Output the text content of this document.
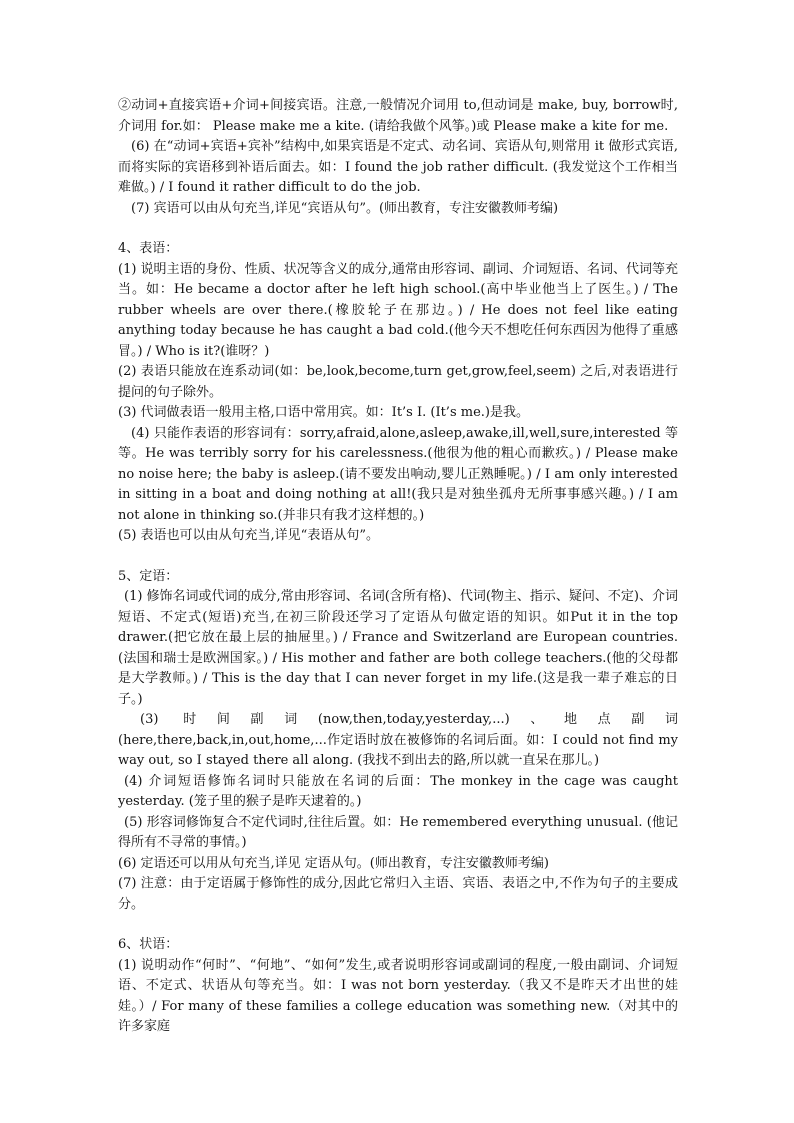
②动词+直接宾语+介词+间接宾语。注意,一般情况介词用 to,但动词是 make, buy, borrow时,介词用 for.如： Please make me a kite. (请给我做个风筝。)或 Please make a kite for me.

(6) 在“动词+宾语+宾补”结构中,如果宾语是不定式、动名词、宾语从句,则常用 it 做形式宾语,而将实际的宾语移到补语后面去。如：I found the job rather difficult. (我发觉这个工作相当难做。) / I found it rather difficult to do the job.

(7) 宾语可以由从句充当,详见“宾语从句”。(师出教育，专注安徽教师考编)

4、表语：

(1) 说明主语的身份、性质、状况等含义的成分,通常由形容词、副词、介词短语、名词、代词等充当。如：He became a doctor after he left high school.(高中毕业他当上了医生。) / The rubber wheels are over there.(橡胶轮子在那边。) / He does not feel like eating anything today because he has caught a bad cold.(他今天不想吃任何东西因为他得了重感冒。) / Who is it?(谁呀？)

(2) 表语只能放在连系动词(如：be,look,become,turn get,grow,feel,seem) 之后,对表语进行提问的句子除外。

(3) 代词做表语一般用主格,口语中常用宾。如：It’s I. (It’s me.)是我。

(4) 只能作表语的形容词有：sorry,afraid,alone,asleep,awake,ill,well,sure,interested 等等。He was terribly sorry for his carelessness.(他很为他的粗心而歉疚。) / Please make no noise here; the baby is asleep.(请不要发出响动,婴儿正熟睡呢。) / I am only interested in sitting in a boat and doing nothing at all!(我只是对独坐孤舟无所事事感兴趣。) / I am not alone in thinking so.(并非只有我才这样想的。)

(5) 表语也可以由从句充当,详见“表语从句”。

5、定语：

(1) 修饰名词或代词的成分,常由形容词、名词(含所有格)、代词(物主、指示、疑问、不定)、介词短语、不定式(短语)充当,在初三阶段还学习了定语从句做定语的知识。如Put it in the top drawer.(把它放在最上层的抽屉里。) / France and Switzerland are European countries. (法国和瑞士是欧洲国家。) / His mother and father are both college teachers.(他的父母都是大学教师。) / This is the day that I can never forget in my life.(这是我一辈子难忘的日子。)

(3) 时间副词(now,then,today,yesterday,...)、地点副词(here,there,back,in,out,home,...作定语时放在被修饰的名词后面。如：I could not find my way out, so I stayed there all along. (我找不到出去的路,所以就一直呆在那儿。)

(4) 介词短语修饰名词时只能放在名词的后面：The monkey in the cage was caught yesterday. (笼子里的猴子是昨天逮着的。)

(5) 形容词修饰复合不定代词时,往往后置。如：He remembered everything unusual. (他记得所有不寻常的事情。)

(6) 定语还可以用从句充当,详见 定语从句。(师出教育，专注安徽教师考编)

(7) 注意：由于定语属于修饰性的成分,因此它常归入主语、宾语、表语之中,不作为句子的主要成分。

6、状语：

(1) 说明动作“何时”、“何地”、“如何”发生,或者说明形容词或副词的程度,一般由副词、介词短语、不定式、状语从句等充当。如：I was not born yesterday.（我又不是昨天才出世的娃娃。）/ For many of these families a college education was something new.（对其中的许多家庭
